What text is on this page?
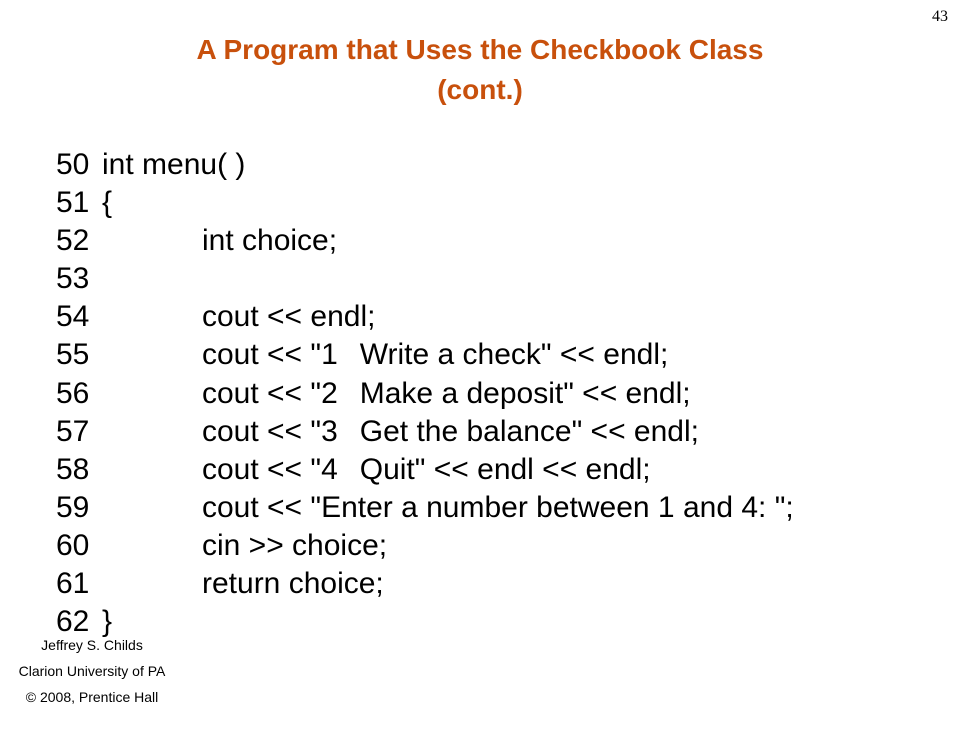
43
A Program that Uses the Checkbook Class
(cont.)

50

int menu( )

51

{

52

	int choice;

53

54

	cout << endl;

55

	cout << "1 Write a check" << endl;

56

	cout << "2 Make a deposit" << endl;

57

	cout << "3 Get the balance" << endl;

58

	cout << "4 Quit" << endl << endl;

59

	cout << "Enter a number between 1 and 4: ";

60

	cin >> choice;

61

	return choice;

62

}

Jeffrey S. Childs
Clarion University of PA
© 2008, Prentice Hall
